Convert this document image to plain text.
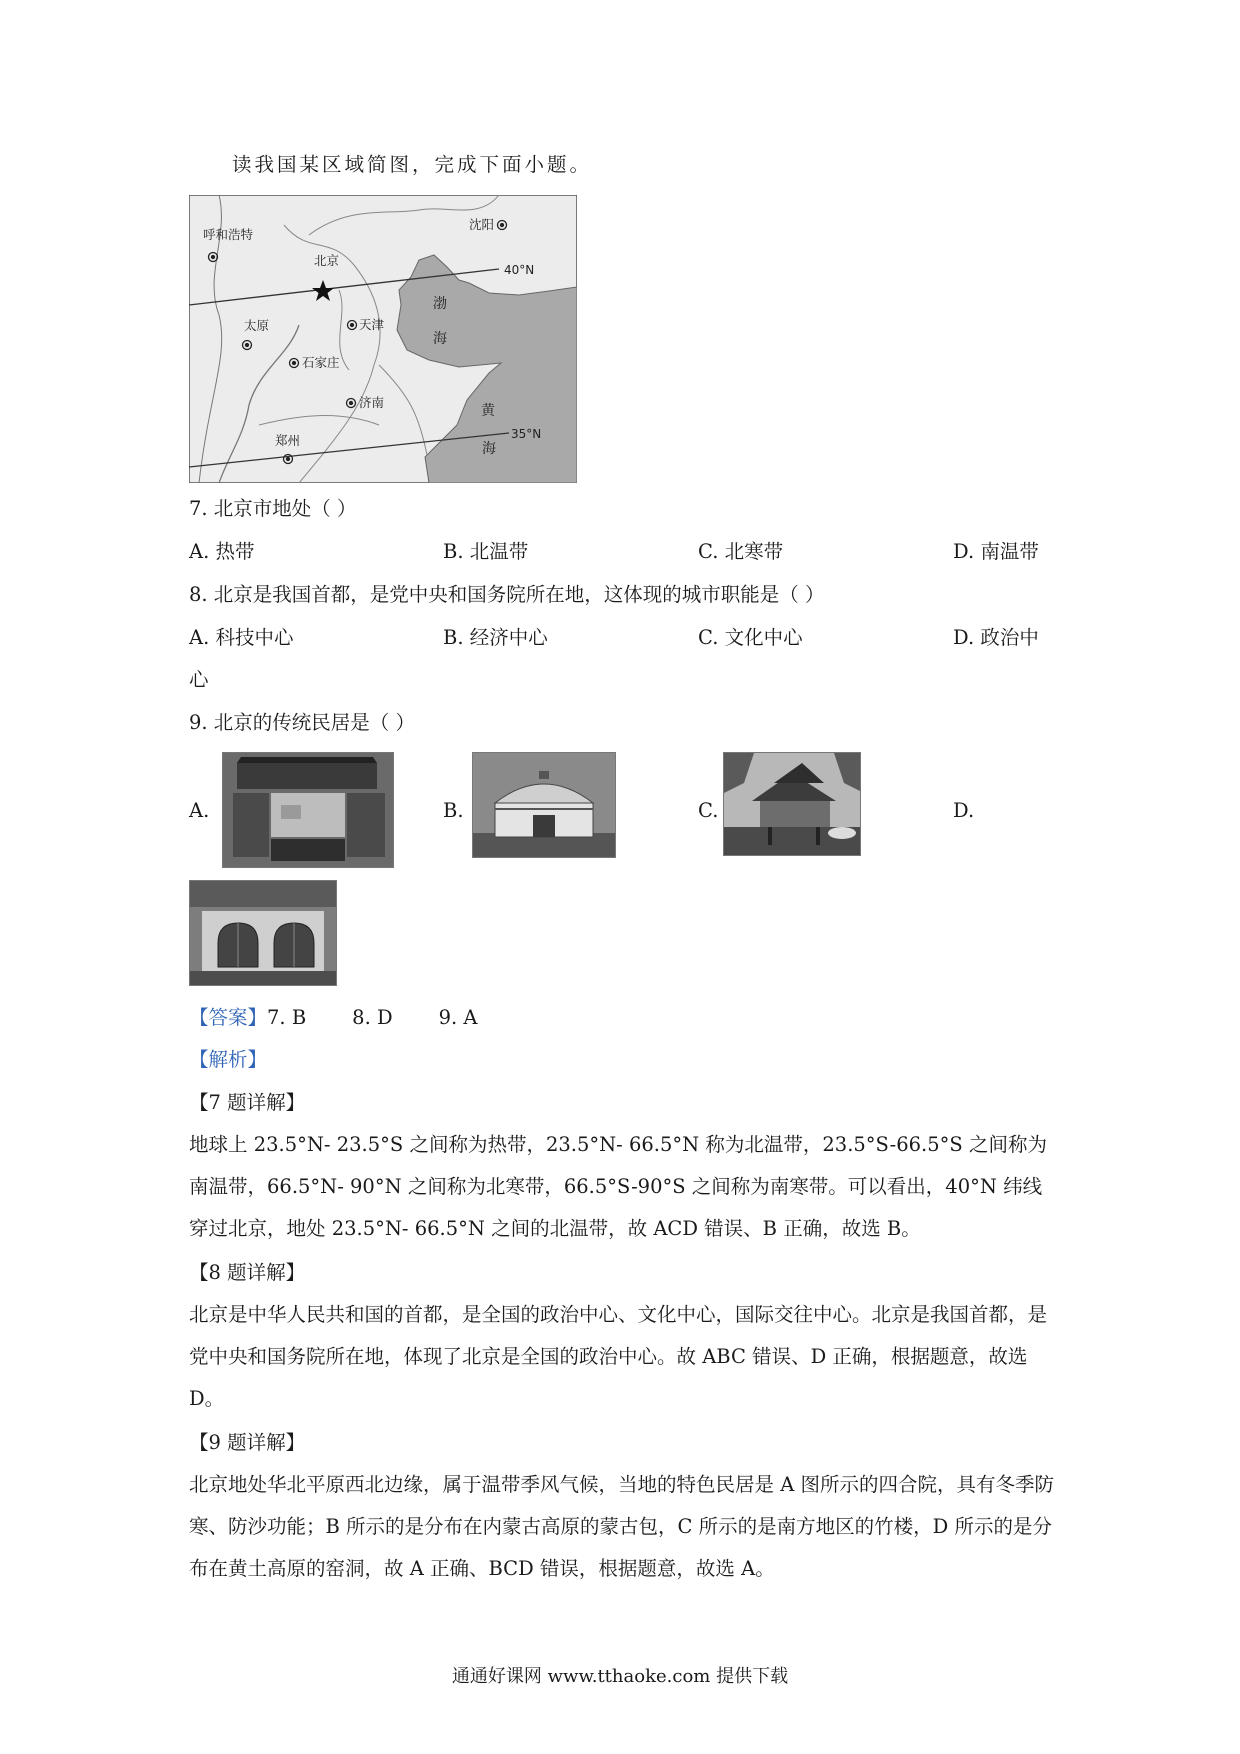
读我国某区域简图，完成下面小题。
40°N
35°N
沈阳
呼和浩特
北京
天津
太原
石家庄
济南
郑州
渤
海
黄
海
7. 北京市地处（ ）
A. 热带	B. 北温带	C. 北寒带	D. 南温带
8. 北京是我国首都，是党中央和国务院所在地，这体现的城市职能是（ ）
A. 科技中心	B. 经济中心	C. 文化中心	D. 政治中
心
9. 北京的传统民居是（ ）
A.	B.	C.	D.
【答案】7. B 8. D 9. A
【解析】
【7 题详解】
地球上 23.5°N- 23.5°S 之间称为热带，23.5°N- 66.5°N 称为北温带，23.5°S-66.5°S 之间称为南温带，66.5°N- 90°N 之间称为北寒带，66.5°S-90°S 之间称为南寒带。可以看出，40°N 纬线穿过北京，地处 23.5°N- 66.5°N 之间的北温带，故 ACD 错误、B 正确，故选 B。
【8 题详解】
北京是中华人民共和国的首都，是全国的政治中心、文化中心，国际交往中心。北京是我国首都，是党中央和国务院所在地，体现了北京是全国的政治中心。故 ABC 错误、D 正确，根据题意，故选 D。
【9 题详解】
北京地处华北平原西北边缘，属于温带季风气候，当地的特色民居是 A 图所示的四合院，具有冬季防寒、防沙功能；B 所示的是分布在内蒙古高原的蒙古包，C 所示的是南方地区的竹楼，D 所示的是分布在黄土高原的窑洞，故 A 正确、BCD 错误，根据题意，故选 A。
通通好课网 www.tthaoke.com 提供下载
